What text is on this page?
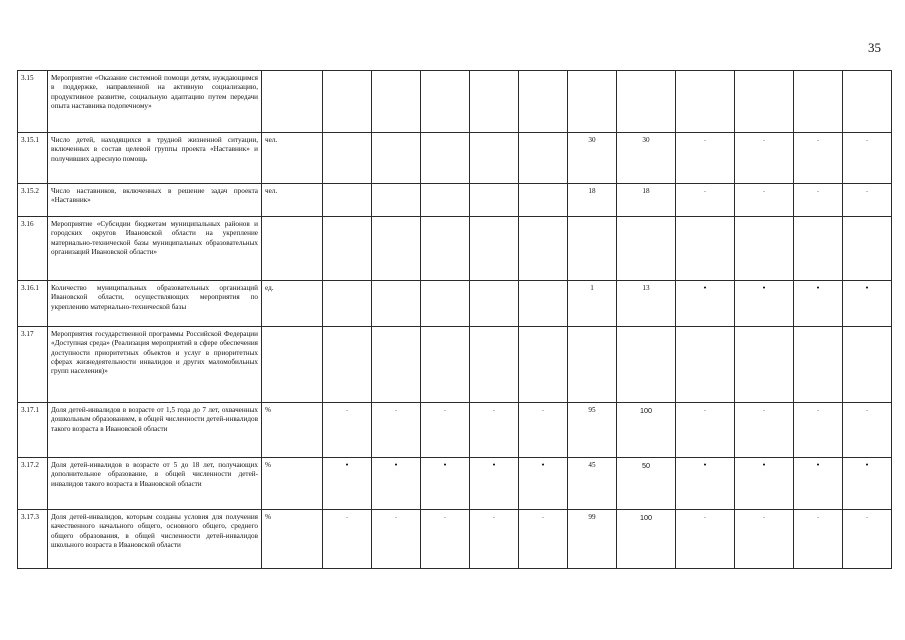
35
3.15	Мероприятие «Оказание системной помощи детям, нуждающимся в поддержке, направленной на активную социализацию, продуктивное развитие, социальную адаптацию путем передачи опыта наставника подопечному»													
3.15.1	Число детей, находящихся в трудной жизненной ситуации, включенных в состав целевой группы проекта «Наставник» и получивших адресную помощь	чел.						30	30	-	-	-	-	
3.15.2	Число наставников, включенных в решение задач проекта «Наставник»	чел.						18	18	-	-	-	-	
3.16	Мероприятие «Субсидии бюджетам муниципальных районов и городских округов Ивановской области на укрепление материально-технической базы муниципальных образовательных организаций Ивановской области»													
3.16.1	Количество муниципальных образовательных организаций Ивановской области, осуществляющих мероприятия по укреплению материально-технической базы	ед.						1	13	•	•	•	•	
3.17	Мероприятия государственной программы Российской Федерации «Доступная среда» (Реализация мероприятий в сфере обеспечения доступности приоритетных объектов и услуг в приоритетных сферах жизнедеятельности инвалидов и других маломобильных групп населения)»													
3.17.1	Доля детей-инвалидов в возрасте от 1,5 года до 7 лет, охваченных дошкольным образованием, в общей численности детей-инвалидов такого возраста в Ивановской области	%	-	-	-	-	-	95	100	-	-	-	-	
3.17.2	Доля детей-инвалидов в возрасте от 5 до 18 лет, получающих дополнительное образование, в общей численности детей-инвалидов такого возраста в Ивановской области	%	•	•	•	•	•	45	50	•	•	•	•	
3.17.3	Доля детей-инвалидов, которым созданы условия для получения качественного начального общего, основного общего, среднего общего образования, в общей численности детей-инвалидов школьного возраста в Ивановской области	%	-	-	-	-	-	99	100	-	-	-	-	
